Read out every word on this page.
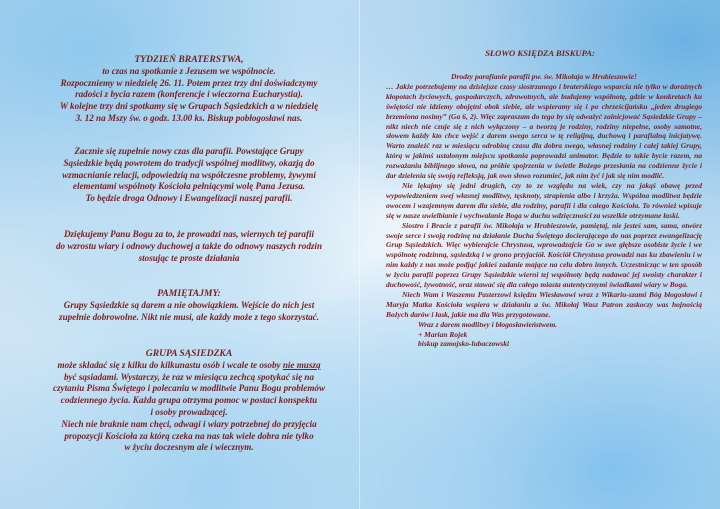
TYDZIEŃ BRATERSTWA,
to czas na spotkanie z Jezusem we wspólnocie.
Rozpoczniemy w niedzielę 26. 11. Potem przez trzy dni doświadczymy
radości z bycia razem (konferencje i wieczorna Eucharystia).
W kolejne trzy dni spotkamy się w Grupach Sąsiedzkich a w niedzielę
3. 12 na Mszy św. o godz. 13.00 ks. Biskup pobłogosławi nas.
Zacznie się zupełnie nowy czas dla parafii. Powstające Grupy
Sąsiedzkie będą powrotem do tradycji wspólnej modlitwy, okazją do
wzmacnianie relacji, odpowiedzią na współczesne problemy, żywymi
elementami wspólnoty Kościoła pełniącymi wolę Pana Jezusa.
To będzie droga Odnowy i Ewangelizacji naszej parafii.
Dziękujemy Panu Bogu za to, że prowadzi nas, wiernych tej parafii
do wzrostu wiary i odnowy duchowej a także do odnowy naszych rodzin
stosując te proste działania
PAMIĘTAJMY:
Grupy Sąsiedzkie są darem a nie obowiązkiem. Wejście do nich jest
zupełnie dobrowolne. Nikt nie musi, ale każdy może z tego skorzystać.
GRUPA SĄSIEDZKA
może składać się z kilku do kilkunastu osób i wcale te osoby nie muszą
być sąsiadami. Wystarczy, że raz w miesiącu zechcą spotykać się na
czytaniu Pisma Świętego i polecaniu w modlitwie Panu Bogu problemów
codziennego życia. Każda grupa otrzyma pomoc w postaci konspektu
i osoby prowadzącej.
Niech nie braknie nam chęci, odwagi i wiary potrzebnej do przyjęcia
propozycji Kościoła za którą czeka na nas tak wiele dobra nie tylko
w życiu doczesnym ale i wiecznym.
SŁOWO KSIĘDZA BISKUPA:
Drodzy parafianie parafii pw. św. Mikołaja w Hrubieszowie!
… Jakże potrzebujemy na dzisiejsze czasy siostrzanego i braterskiego wsparcia nie tylko w doraźnych kłopotach życiowych, gospodarczych, zdrowotnych, ale budujemy wspólnotę, gdzie w konkretach ku świętości nie idziemy obojętni obok siebie, ale wspieramy się i po chrześcijańsku „jeden drugiego brzemiona nosimy” (Ga 6, 2). Więc zapraszam do tego by się odważyć zainicjować Sąsiedzkie Grupy – nikt niech nie czuje się z nich wyłączony – a tworzą je rodziny, rodziny niepełne, osoby samotne, słowem każdy kto chce wejść z darem swego serca w tę religijną, duchową i parafialną inicjatywę. Warto znaleźć raz w miesiącu odrobinę czasu dla dobra swego, własnej rodziny i całej takiej Grupy, którą w jakimś ustalonym miejscu spotkania poprowadzi animator. Będzie to takie bycie razem, na rozważaniu biblijnego słowa, na próbie spojrzenia w świetle Bożego przesłania na codzienne życie i dar dzielenia się swoją refleksją, jak owo słowo rozumieć, jak nim żyć i jak się nim modlić.
Nie lękajmy się jedni drugich, czy to ze względu na wiek, czy na jakąś obawę przed wypowiedzeniem swej własnej modlitwy, tęsknoty, strapienia albo i krzyża. Wspólna modlitwa będzie owocem i wzajemnym darem dla siebie, dla rodziny, parafii i dla całego Kościoła. To również wpisuje się w nasze uwielbianie i wychwalanie Boga w duchu wdzięczności za wszelkie otrzymane łaski.
Siostro i Bracie z parafii św. Mikołaja w Hrubieszowie, pamiętaj, nie jesteś sam, sama, otwórz swoje serce i swoją rodzinę na działanie Ducha Świętego docierającego do nas poprzez ewangelizację Grup Sąsiedzkich. Więc wybierajcie Chrystusa, wprowadzajcie Go w swe głębsze osobiste życie i we wspólnotę rodzinną, sąsiedzką i w grono przyjaciół. Kościół Chrystusa prowadzi nas ku zbawieniu i w nim każdy z nas może podjąć jakieś zadanie mające na celu dobro innych. Uczestnicząc w ten sposób w życiu parafii poprzez Grupy Sąsiedzkie wierni tej wspólnoty będą nadawać jej swoisty charakter i duchowość, żywotność, oraz stawać się dla całego miasta autentycznymi świadkami wiary w Boga.
Niech Wam i Waszemu Pasterzowi księdzu Wiesławowi wraz z Wikariu-szami Bóg błogosławi i Maryja Matka Kościoła wspiera w działaniu a św. Mikołaj Wasz Patron zaskoczy was hojnością Bożych darów i łask, jakie ma dla Was przygotowane.
Wraz z darem modlitwy i błogosławieństwem.
+ Marian Rojek
biskup zamojsko-lubaczowski
